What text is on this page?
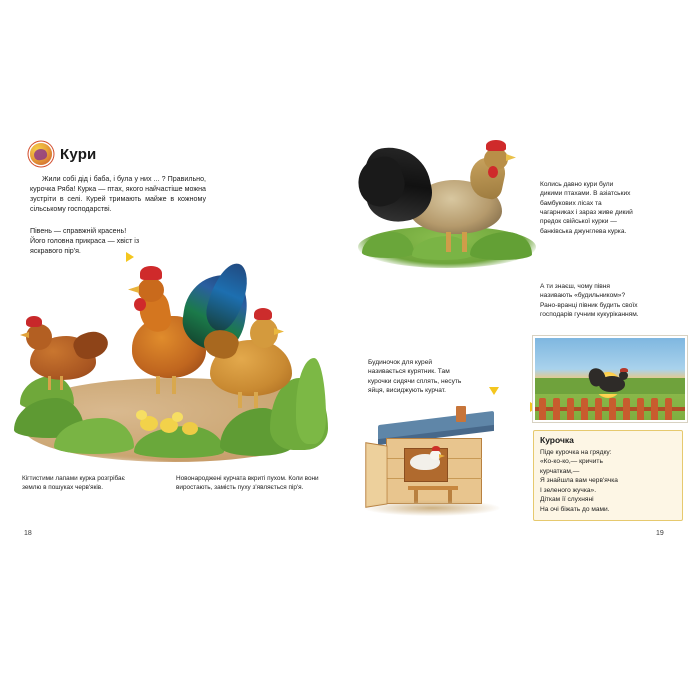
Кури
Жили собі дід і баба, і була у них ... ? Правильно, курочка Ряба! Курка — птах, якого найчастіше можна зустріти в селі. Курей тримають майже в кожному сільському господарстві.
Півень — справжній красень! Його головна прикраса — хвіст із яскравого пір'я.
Кігтистими лапами курка розгрібає землю в пошуках черв'яків.
Новонароджені курчата вкриті пухом. Коли вони виростають, замість пуху з'являється пір'я.
18
Колись давно кури були дикими птахами. В азіатських бамбукових лісах та чагарниках і зараз живе дикий предок свійської курки — банківська джунглева курка.
А ти знаєш, чому півня називають «будильником»? Рано-вранці півник будить своїх господарів гучним кукуріканням.
Будиночок для курей називається курятник. Там курочки сидячи сплять, несуть яйця, висиджують курчат.
Курочка
Піде курочка на грядку:
«Ко-ко-ко,— кричить
курчаткам,—
Я знайшла вам черв'ячка
І зеленого жучка».
Діткам її слухняні
На очі біжать до мами.
19
